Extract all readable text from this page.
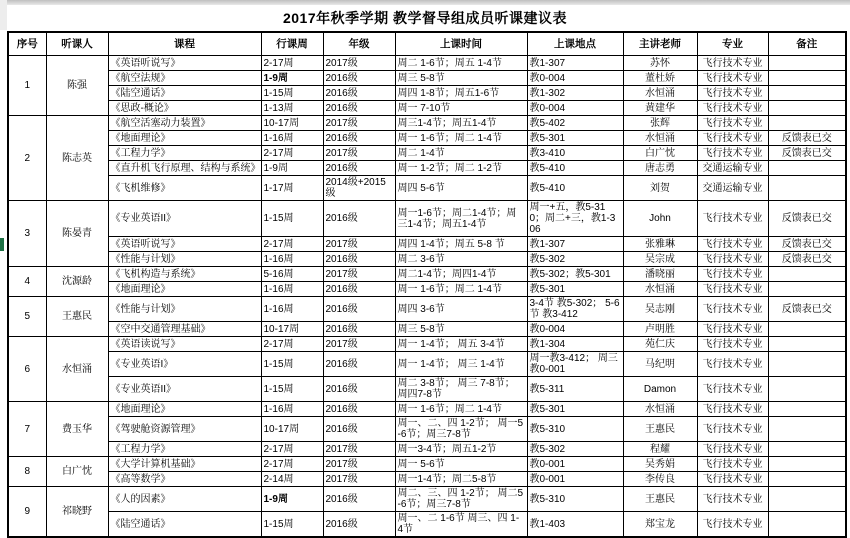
2017年秋季学期 教学督导组成员听课建议表
序号	听课人	课程	行课周	年级	上课时间	上课地点	主讲老师	专业	备注
1	陈强	《英语听说写》	2-17周	2017级	周二 1-6节；周五 1-4节	教1-307	苏怀	飞行技术专业	
		《航空法规》	1-9周	2016级	周三 5-8节	教0-004	董杜娇	飞行技术专业	
		《陆空通话》	1-15周	2016级	周四 1-8节；周五1-6节	教1-302	水恒涌	飞行技术专业	
		《思政-概论》	1-13周	2016级	周一 7-10节	教0-004	黄建华	飞行技术专业	
2	陈志英	《航空活塞动力装置》	10-17周	2017级	周三1-4节；周五1-4节	教5-402	张辉	飞行技术专业	
		《地面理论》	1-16周	2016级	周一 1-6节；周二 1-4节	教5-301	水恒涌	飞行技术专业	反馈表已交
		《工程力学》	2-17周	2017级	周二 1-4节	教3-410	白广忱	飞行技术专业	反馈表已交
		《直升机飞行原理、结构与系统》	1-9周	2016级	周一 1-2节；周二 1-2节	教5-410	唐志勇	交通运输专业	
		《飞机维修》	1-17周	2014级+2015级	周四 5-6节	教5-410	刘贺	交通运输专业	
3	陈晏青	《专业英语II》	1-15周	2016级	周一1-6节；周二1-4节；周三1-4节；周五1-4节	周一+五，教5-310；周二+三，教1-306	John	飞行技术专业	反馈表已交
		《英语听说写》	2-17周	2017级	周四 1-4节；周五 5-8 节	教1-307	张雅琳	飞行技术专业	反馈表已交
		《性能与计划》	1-16周	2016级	周二 3-6节	教5-302	吴宗成	飞行技术专业	反馈表已交
4	沈源龄	《飞机构造与系统》	5-16周	2017级	周二1-4节；周四1-4节	教5-302；教5-301	潘晓丽	飞行技术专业	
		《地面理论》	1-16周	2016级	周一 1-6节；周二 1-4节	教5-301	水恒涌	飞行技术专业	
5	王惠民	《性能与计划》	1-16周	2016级	周四 3-6节	3-4节 教5-302； 5-6节 教3-412	吴志刚	飞行技术专业	反馈表已交
		《空中交通管理基础》	10-17周	2016级	周三 5-8节	教0-004	卢明胜	飞行技术专业	
6	水恒涌	《英语读说写》	2-17周	2017级	周一 1-4节； 周五 3-4节	教1-304	苑仁庆	飞行技术专业	
		《专业英语I》	1-15周	2016级	周一 1-4节； 周三 1-4节	周一教3-412； 周三教0-001	马纪明	飞行技术专业	
		《专业英语II》	1-15周	2016级	周二 3-8节； 周三 7-8节； 周四7-8节	教5-311	Damon	飞行技术专业	
7	费玉华	《地面理论》	1-16周	2016级	周一 1-6节；周二 1-4节	教5-301	水恒涌	飞行技术专业	
		《驾驶舱资源管理》	10-17周	2016级	周一、二、四 1-2节； 周一5-6节；周三7-8节	教5-310	王惠民	飞行技术专业	
		《工程力学》	2-17周	2017级	周一3-4节；周五1-2节	教5-302	程耀	飞行技术专业	
8	白广忱	《大学计算机基础》	2-17周	2017级	周一 5-6节	教0-001	吴秀娟	飞行技术专业	
		《高等数学》	2-14周	2017级	周一1-4节；周二5-8节	教0-001	李传良	飞行技术专业	
9	祁晓野	《人的因素》	1-9周	2016级	周二、三、四 1-2节； 周二5-6节；周三7-8节	教5-310	王惠民	飞行技术专业	
		《陆空通话》	1-15周	2016级	周一、二 1-6节 周三、四 1-4节	教1-403	郑宝龙	飞行技术专业	
